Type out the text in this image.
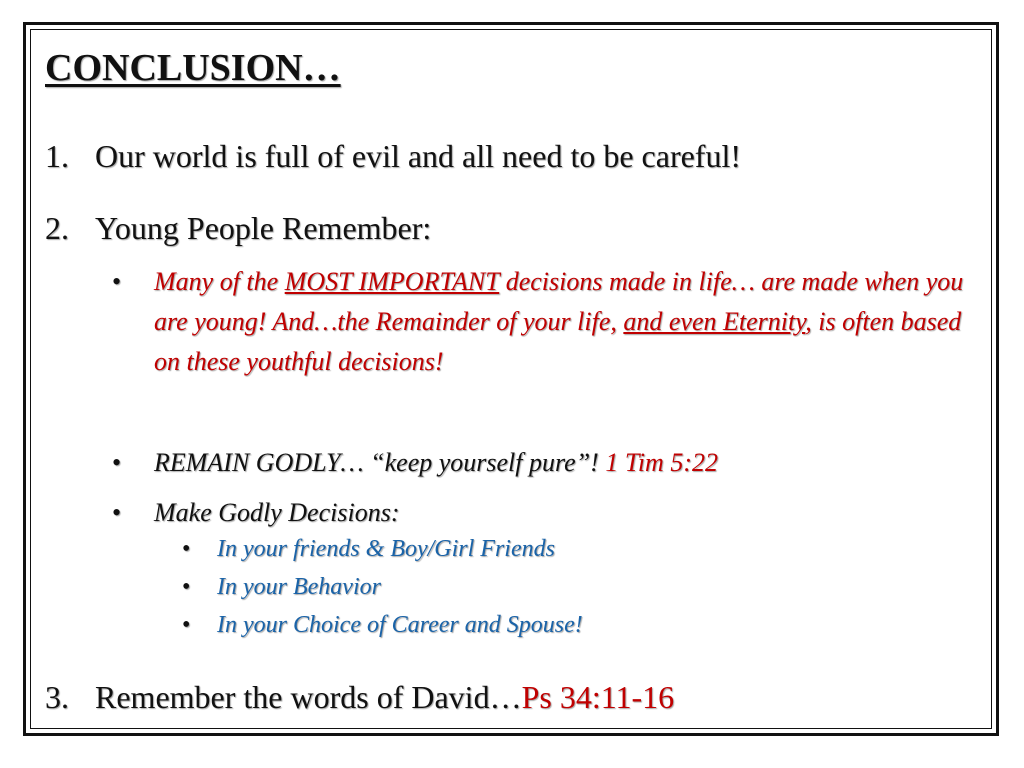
CONCLUSION…
1. Our world is full of evil and all need to be careful!
2. Young People Remember:
• Many of the MOST IMPORTANT decisions made in life… are made when you are young! And…the Remainder of your life, and even Eternity, is often based on these youthful decisions!
• REMAIN GODLY… “keep yourself pure”! 1 Tim 5:22
• Make Godly Decisions:
• In your friends & Boy/Girl Friends
• In your Behavior
• In your Choice of Career and Spouse!
3. Remember the words of David…Ps 34:11-16
